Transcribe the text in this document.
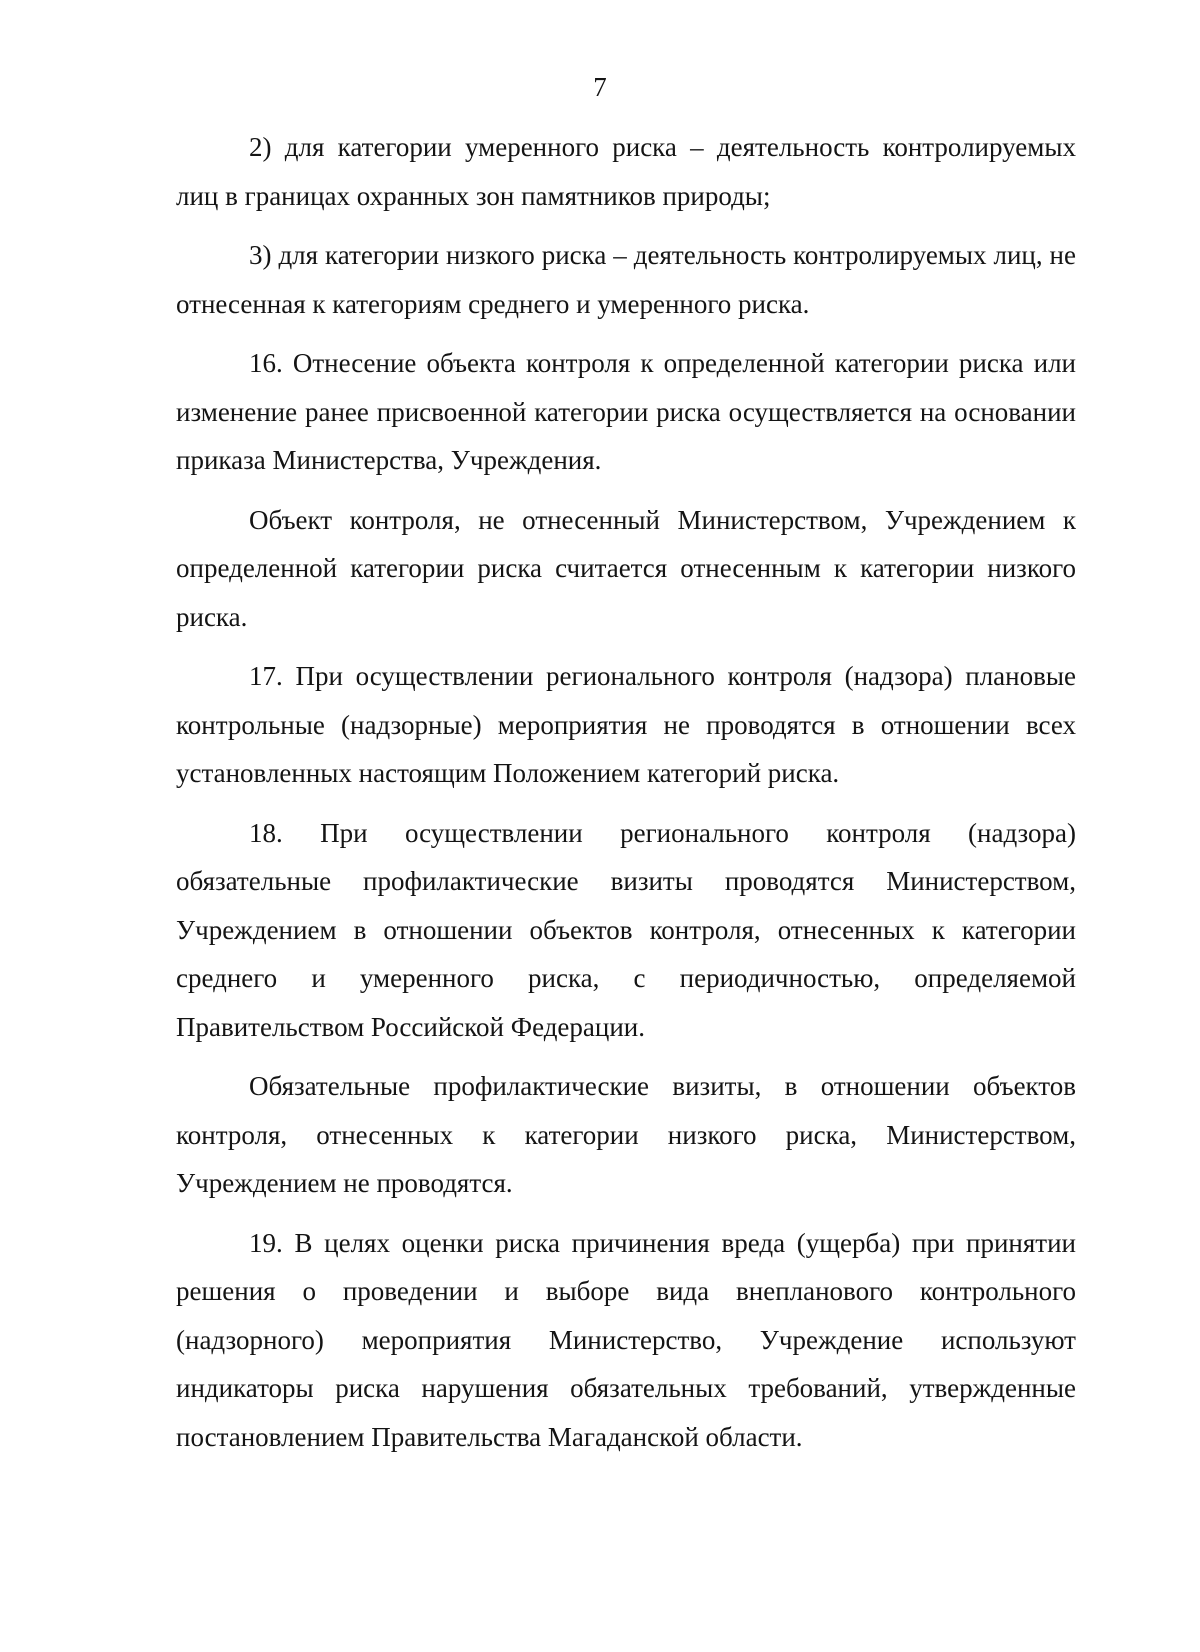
7

2) для категории умеренного риска – деятельность контролируемых лиц в границах охранных зон памятников природы;

3) для категории низкого риска – деятельность контролируемых лиц, не отнесенная к категориям среднего и умеренного риска.

16. Отнесение объекта контроля к определенной категории риска или изменение ранее присвоенной категории риска осуществляется на основании приказа Министерства, Учреждения.

Объект контроля, не отнесенный Министерством, Учреждением к определенной категории риска считается отнесенным к категории низкого риска.

17. При осуществлении регионального контроля (надзора) плановые контрольные (надзорные) мероприятия не проводятся в отношении всех установленных настоящим Положением категорий риска.

18. При осуществлении регионального контроля (надзора) обязательные профилактические визиты проводятся Министерством, Учреждением в отношении объектов контроля, отнесенных к категории среднего и умеренного риска, с периодичностью, определяемой Правительством Российской Федерации.

Обязательные профилактические визиты, в отношении объектов контроля, отнесенных к категории низкого риска, Министерством, Учреждением не проводятся.

19. В целях оценки риска причинения вреда (ущерба) при принятии решения о проведении и выборе вида внепланового контрольного (надзорного) мероприятия Министерство, Учреждение используют индикаторы риска нарушения обязательных требований, утвержденные постановлением Правительства Магаданской области.
